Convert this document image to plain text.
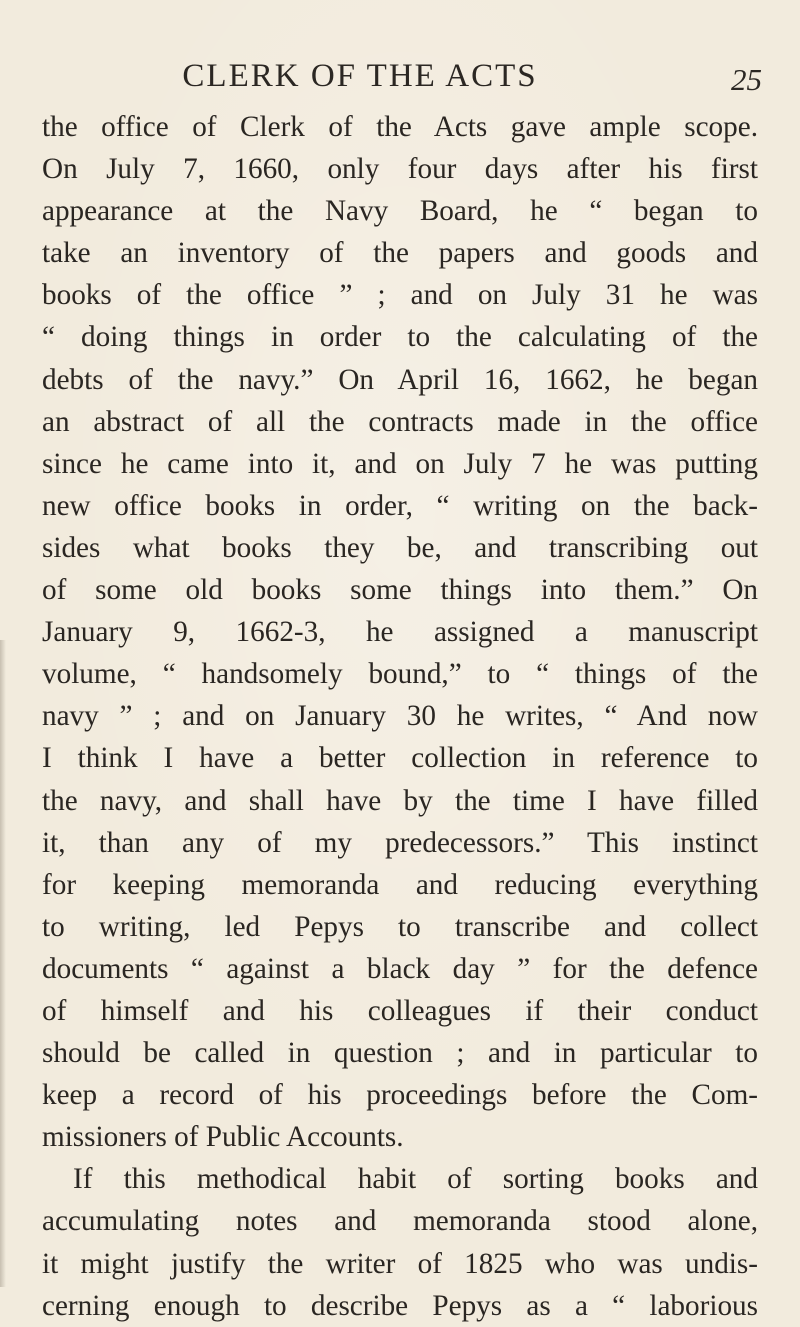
CLERK OF THE ACTS	25
the office of Clerk of the Acts gave ample scope.
On July 7, 1660, only four days after his first
appearance at the Navy Board, he “ began to
take an inventory of the papers and goods and
books of the office ” ; and on July 31 he was
“ doing things in order to the calculating of the
debts of the navy.” On April 16, 1662, he began
an abstract of all the contracts made in the office
since he came into it, and on July 7 he was putting
new office books in order, “ writing on the back-
sides what books they be, and transcribing out
of some old books some things into them.” On
January 9, 1662-3, he assigned a manuscript
volume, “ handsomely bound,” to “ things of the
navy ” ; and on January 30 he writes, “ And now
I think I have a better collection in reference to
the navy, and shall have by the time I have filled
it, than any of my predecessors.” This instinct
for keeping memoranda and reducing everything
to writing, led Pepys to transcribe and collect
documents “ against a black day ” for the defence
of himself and his colleagues if their conduct
should be called in question ; and in particular to
keep a record of his proceedings before the Com-
missioners of Public Accounts.
If this methodical habit of sorting books and
accumulating notes and memoranda stood alone,
it might justify the writer of 1825 who was undis-
cerning enough to describe Pepys as a “ laborious
